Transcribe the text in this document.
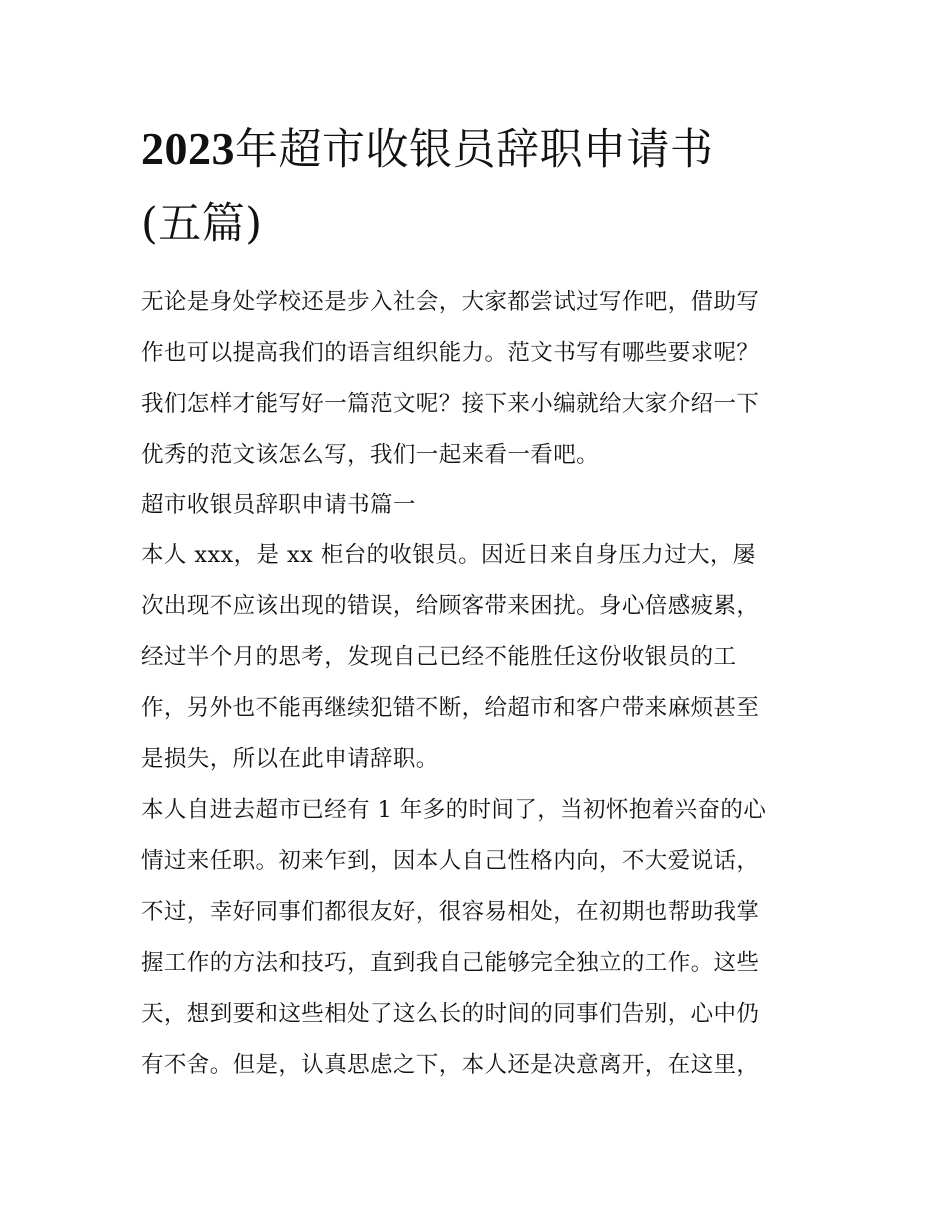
2023年超市收银员辞职申请书
(五篇)
无论是身处学校还是步入社会，大家都尝试过写作吧，借助写
作也可以提高我们的语言组织能力。范文书写有哪些要求呢？
我们怎样才能写好一篇范文呢？接下来小编就给大家介绍一下
优秀的范文该怎么写，我们一起来看一看吧。
超市收银员辞职申请书篇一
本人 xxx，是 xx 柜台的收银员。因近日来自身压力过大，屡
次出现不应该出现的错误，给顾客带来困扰。身心倍感疲累，
经过半个月的思考，发现自己已经不能胜任这份收银员的工
作，另外也不能再继续犯错不断，给超市和客户带来麻烦甚至
是损失，所以在此申请辞职。
本人自进去超市已经有 1 年多的时间了，当初怀抱着兴奋的心
情过来任职。初来乍到，因本人自己性格内向，不大爱说话，
不过，幸好同事们都很友好，很容易相处，在初期也帮助我掌
握工作的方法和技巧，直到我自己能够完全独立的工作。这些
天，想到要和这些相处了这么长的时间的同事们告别，心中仍
有不舍。但是，认真思虑之下，本人还是决意离开，在这里，
